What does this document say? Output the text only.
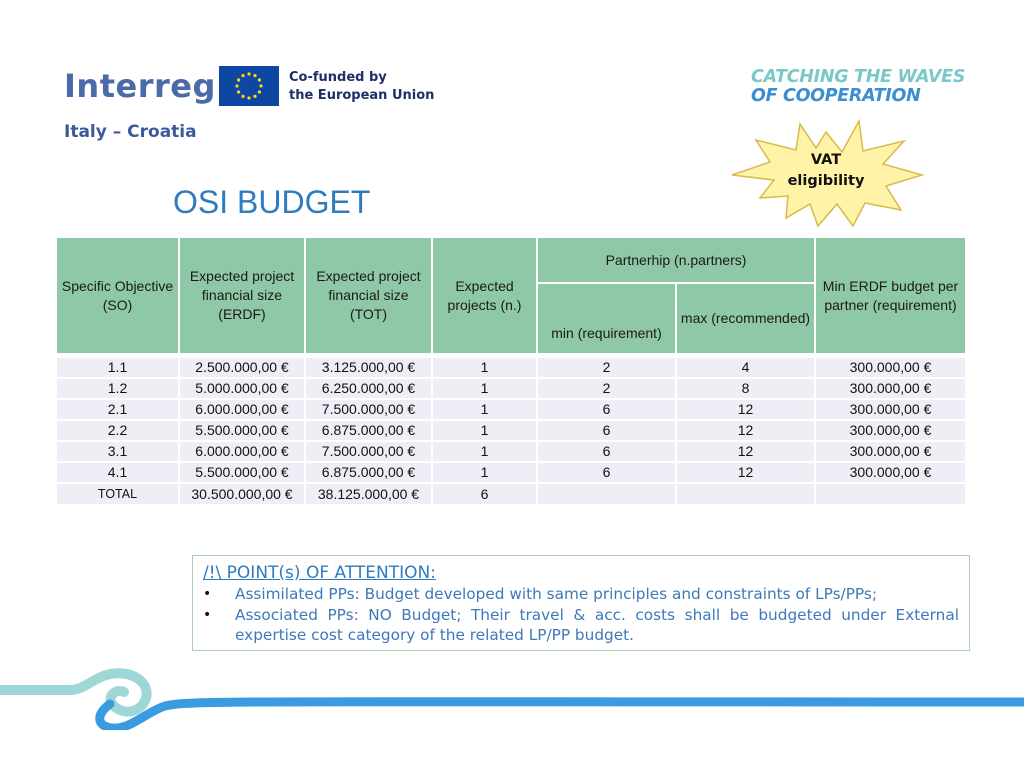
Interreg
Italy – Croatia
Co-funded by
the European Union
CATCHING THE WAVES
OF COOPERATION
VAT
eligibility
OSI BUDGET
Specific Objective (SO)	Expected project financial size (ERDF)	Expected project financial size (TOT)	Expected projects (n.)	Partnerhip (n.partners)		Min ERDF budget per partner (requirement)
				min (requirement)	max (recommended)	

1.1	2.500.000,00 €	3.125.000,00 €	1	2	4	300.000,00 €
1.2	5.000.000,00 €	6.250.000,00 €	1	2	8	300.000,00 €
2.1	6.000.000,00 €	7.500.000,00 €	1	6	12	300.000,00 €
2.2	5.500.000,00 €	6.875.000,00 €	1	6	12	300.000,00 €
3.1	6.000.000,00 €	7.500.000,00 €	1	6	12	300.000,00 €
4.1	5.500.000,00 €	6.875.000,00 €	1	6	12	300.000,00 €
TOTAL	30.500.000,00 €	38.125.000,00 €	6			
/!\ POINT(s) OF ATTENTION:
• Assimilated PPs: Budget developed with same principles and constraints of LPs/PPs;
• Associated PPs: NO Budget; Their travel & acc. costs shall be budgeted under External expertise cost category of the related LP/PP budget.
